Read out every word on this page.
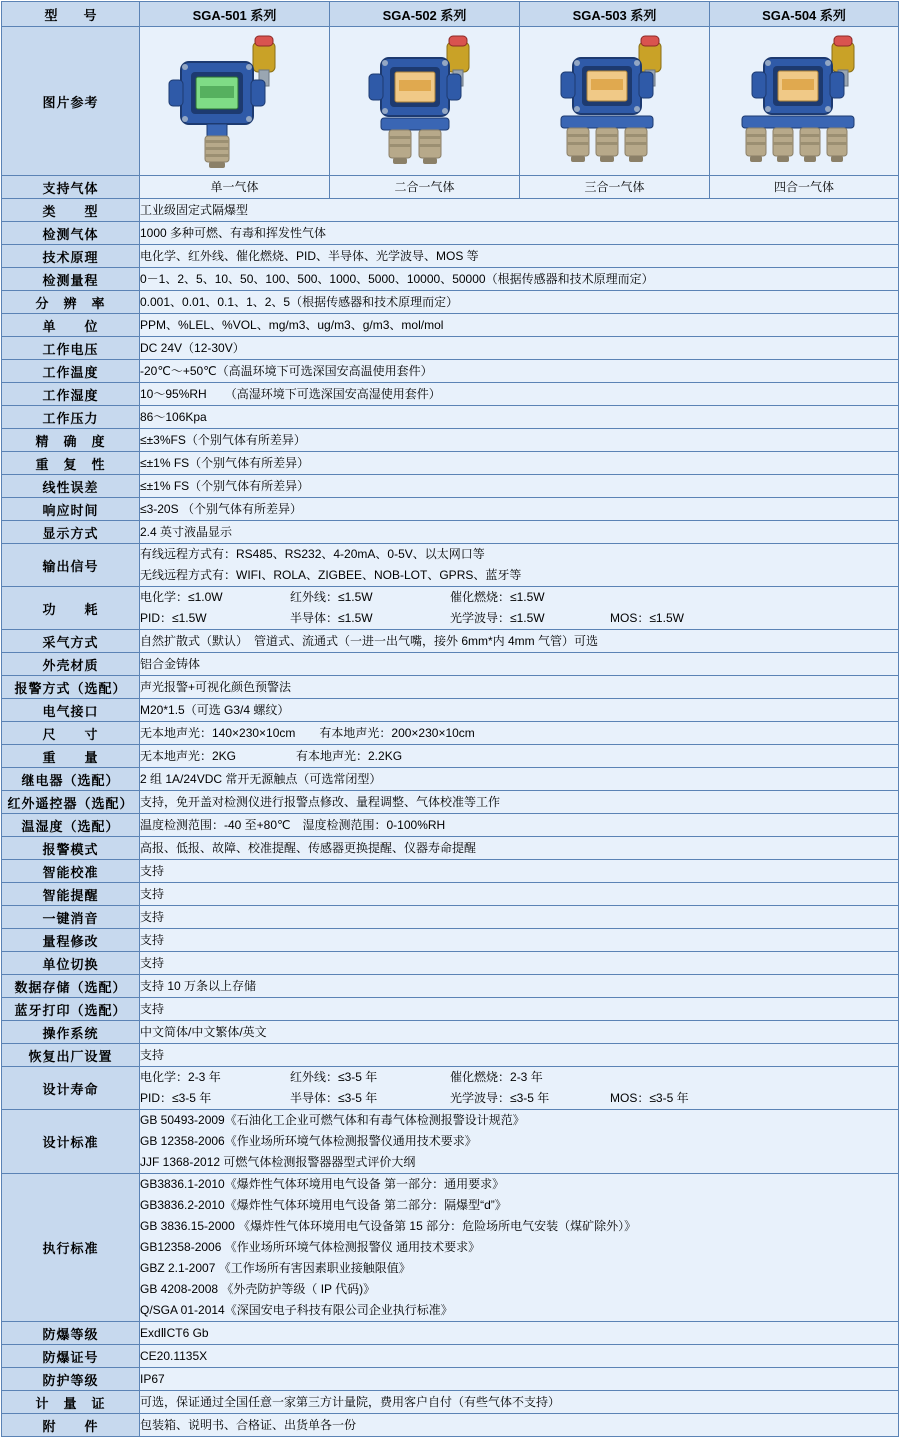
型　　号	SGA-501 系列	SGA-502 系列	SGA-503 系列	SGA-504 系列
图片参考	

支持气体	单一气体	二合一气体	三合一气体	四合一气体
类　　型	工业级固定式隔爆型			
检测气体	1000 多种可燃、有毒和挥发性气体			
技术原理	电化学、红外线、催化燃烧、PID、半导体、光学波导、MOS 等			
检测量程	0－1、2、5、10、50、100、500、1000、5000、10000、50000（根据传感器和技术原理而定）			
分　辨　率	0.001、0.01、0.1、1、2、5（根据传感器和技术原理而定）			
单　　位	PPM、%LEL、%VOL、mg/m3、ug/m3、g/m3、mol/mol			
工作电压	DC 24V（12-30V）			
工作温度	-20℃～+50℃（高温环境下可选深国安高温使用套件）			
工作湿度	10～95%RH　　（高湿环境下可选深国安高湿使用套件）			
工作压力	86～106Kpa			
精　确　度	≤±3%FS（个别气体有所差异）			
重　复　性	≤±1% FS（个别气体有所差异）			
线性误差	≤±1% FS（个别气体有所差异）			
响应时间	≤3-20S （个别气体有所差异）			
显示方式	2.4 英寸液晶显示			
输出信号	有线远程方式有：RS485、RS232、4-20mA、0-5V、以太网口等
无线远程方式有：WIFI、ROLA、ZIGBEE、NOB-LOT、GPRS、蓝牙等			

功　　耗	
电化学：≤1.0W	红外线：≤1.5W	催化燃烧：≤1.5W
PID：≤1.5W	半导体：≤1.5W	光学波导：≤1.5W	MOS：≤1.5W

采气方式	自然扩散式（默认）　管道式、流通式（一进一出气嘴，接外 6mm*内 4mm 气管）可选			
外壳材质	铝合金铸体			
报警方式（选配）	声光报警+可视化颜色预警法			
电气接口	M20*1.5（可选 G3/4 螺纹）			
尺　　寸	无本地声光：140×230×10cm　　有本地声光：200×230×10cm			
重　　量	无本地声光：2KG　　　　　有本地声光：2.2KG			
继电器（选配）	2 组 1A/24VDC 常开无源触点（可选常闭型）			
红外遥控器（选配）	支持，免开盖对检测仪进行报警点修改、量程调整、气体校准等工作			
温湿度（选配）	温度检测范围：-40 至+80℃　湿度检测范围：0-100%RH			
报警模式	高报、低报、故障、校准提醒、传感器更换提醒、仪器寿命提醒			
智能校准	支持			
智能提醒	支持			
一键消音	支持			
量程修改	支持			
单位切换	支持			
数据存储（选配）	支持 10 万条以上存储			
蓝牙打印（选配）	支持			
操作系统	中文简体/中文繁体/英文			
恢复出厂设置	支持			
设计寿命	
电化学：2-3 年	红外线：≤3-5 年	催化燃烧：2-3 年
PID：≤3-5 年	半导体：≤3-5 年	光学波导：≤3-5 年	MOS：≤3-5 年

设计标准	GB 50493-2009《石油化工企业可燃气体和有毒气体检测报警设计规范》
GB 12358-2006《作业场所环境气体检测报警仪通用技术要求》
JJF 1368-2012 可燃气体检测报警器器型式评价大纲			

执行标准	
GB3836.1-2010《爆炸性气体环境用电气设备 第一部分：通用要求》
GB3836.2-2010《爆炸性气体环境用电气设备 第二部分：隔爆型“d”》
GB 3836.15-2000 《爆炸性气体环境用电气设备第 15 部分：危险场所电气安装（煤矿除外）》
GB12358-2006 《作业场所环境气体检测报警仪 通用技术要求》
GBZ 2.1-2007 《工作场所有害因素职业接触限值》
GB 4208-2008 《外壳防护等级（ IP 代码)》
Q/SGA 01-2014《深国安电子科技有限公司企业执行标准》

防爆等级	ExdⅡCT6 Gb			
防爆证号	CE20.1135X			
防护等级	IP67			
计　量　证	可选，保证通过全国任意一家第三方计量院，费用客户自付（有些气体不支持）			
附　　件	包装箱、说明书、合格证、出货单各一份			
